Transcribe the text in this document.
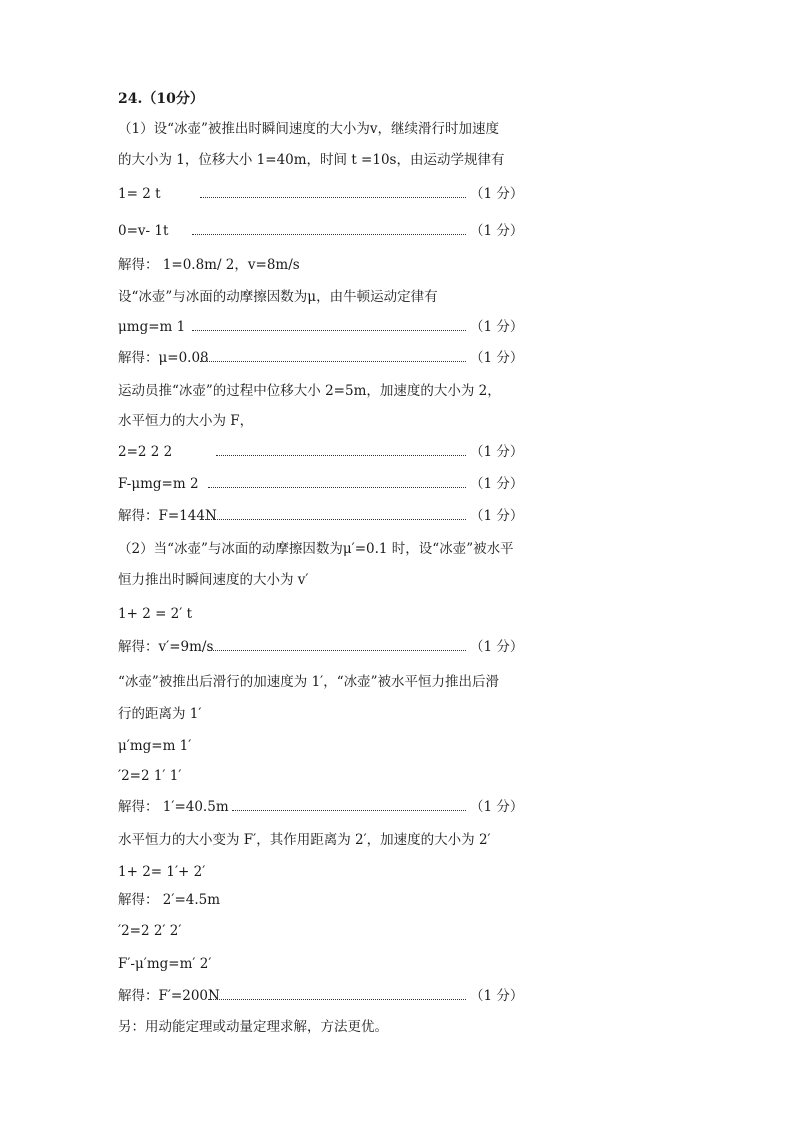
24.（10分）
（1）设“冰壶”被推出时瞬间速度的大小为v，继续滑行时加速度
的大小为 1，位移大小 1=40m，时间 t =10s，由运动学规律有
1= 2 t	（1 分）
0=v- 1t	（1 分）
解得： 1=0.8m/ 2，v=8m/s
设“冰壶”与冰面的动摩擦因数为μ，由牛顿运动定律有
μmg=m 1	（1 分）
解得：μ=0.08	（1 分）
运动员推“冰壶”的过程中位移大小 2=5m，加速度的大小为 2，
水平恒力的大小为 F，
2=2 2 2	（1 分）
F-μmg=m 2	（1 分）
解得：F=144N	（1 分）
（2）当“冰壶”与冰面的动摩擦因数为μ′=0.1 时，设“冰壶”被水平
恒力推出时瞬间速度的大小为 v′
1+ 2 = 2′ t
解得：v′=9m/s	（1 分）
“冰壶”被推出后滑行的加速度为 1′，“冰壶”被水平恒力推出后滑
行的距离为 1′
μ′mg=m 1′
′2=2 1′ 1′
解得： 1′=40.5m	（1 分）
水平恒力的大小变为 F′，其作用距离为 2′，加速度的大小为 2′
1+ 2= 1′+ 2′
解得： 2′=4.5m
′2=2 2′ 2′
F′-μ′mg=m′ 2′
解得：F′=200N	（1 分）
另：用动能定理或动量定理求解，方法更优。
